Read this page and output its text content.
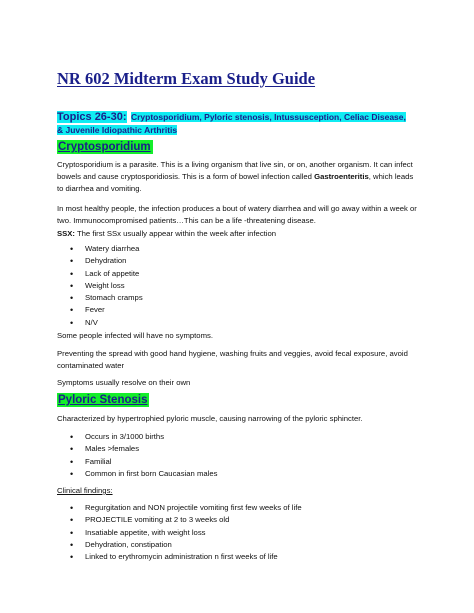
NR 602 Midterm Exam Study Guide
Topics 26-30: Cryptosporidium, Pyloric stenosis, Intussusception, Celiac Disease, & Juvenile Idiopathic Arthritis
Cryptosporidium

Cryptosporidium is a parasite. This is a living organism that live sin, or on, another organism. It can infect bowels and cause cryptosporidiosis. This is a form of bowel infection called Gastroenteritis, which leads to diarrhea and vomiting.

In most healthy people, the infection produces a bout of watery diarrhea and will go away within a week or two. Immunocompromised patients…This can be a life -threatening disease.

SSX: The first SSx usually appear within the week after infection

• Watery diarrhea
• Dehydration
• Lack of appetite
• Weight loss
• Stomach cramps
• Fever
• N/V

Some people infected will have no symptoms.

Preventing the spread with good hand hygiene, washing fruits and veggies, avoid fecal exposure, avoid contaminated water

Symptoms usually resolve on their own

Pyloric Stenosis

Characterized by hypertrophied pyloric muscle, causing narrowing of the pyloric sphincter.

• Occurs in 3/1000 births
• Males >females
• Familial
• Common in first born Caucasian males

Clinical findings:

• Regurgitation and NON projectile vomiting first few weeks of life
• PROJECTILE vomiting at 2 to 3 weeks old
• Insatiable appetite, with weight loss
• Dehydration, constipation
• Linked to erythromycin administration n first weeks of life
